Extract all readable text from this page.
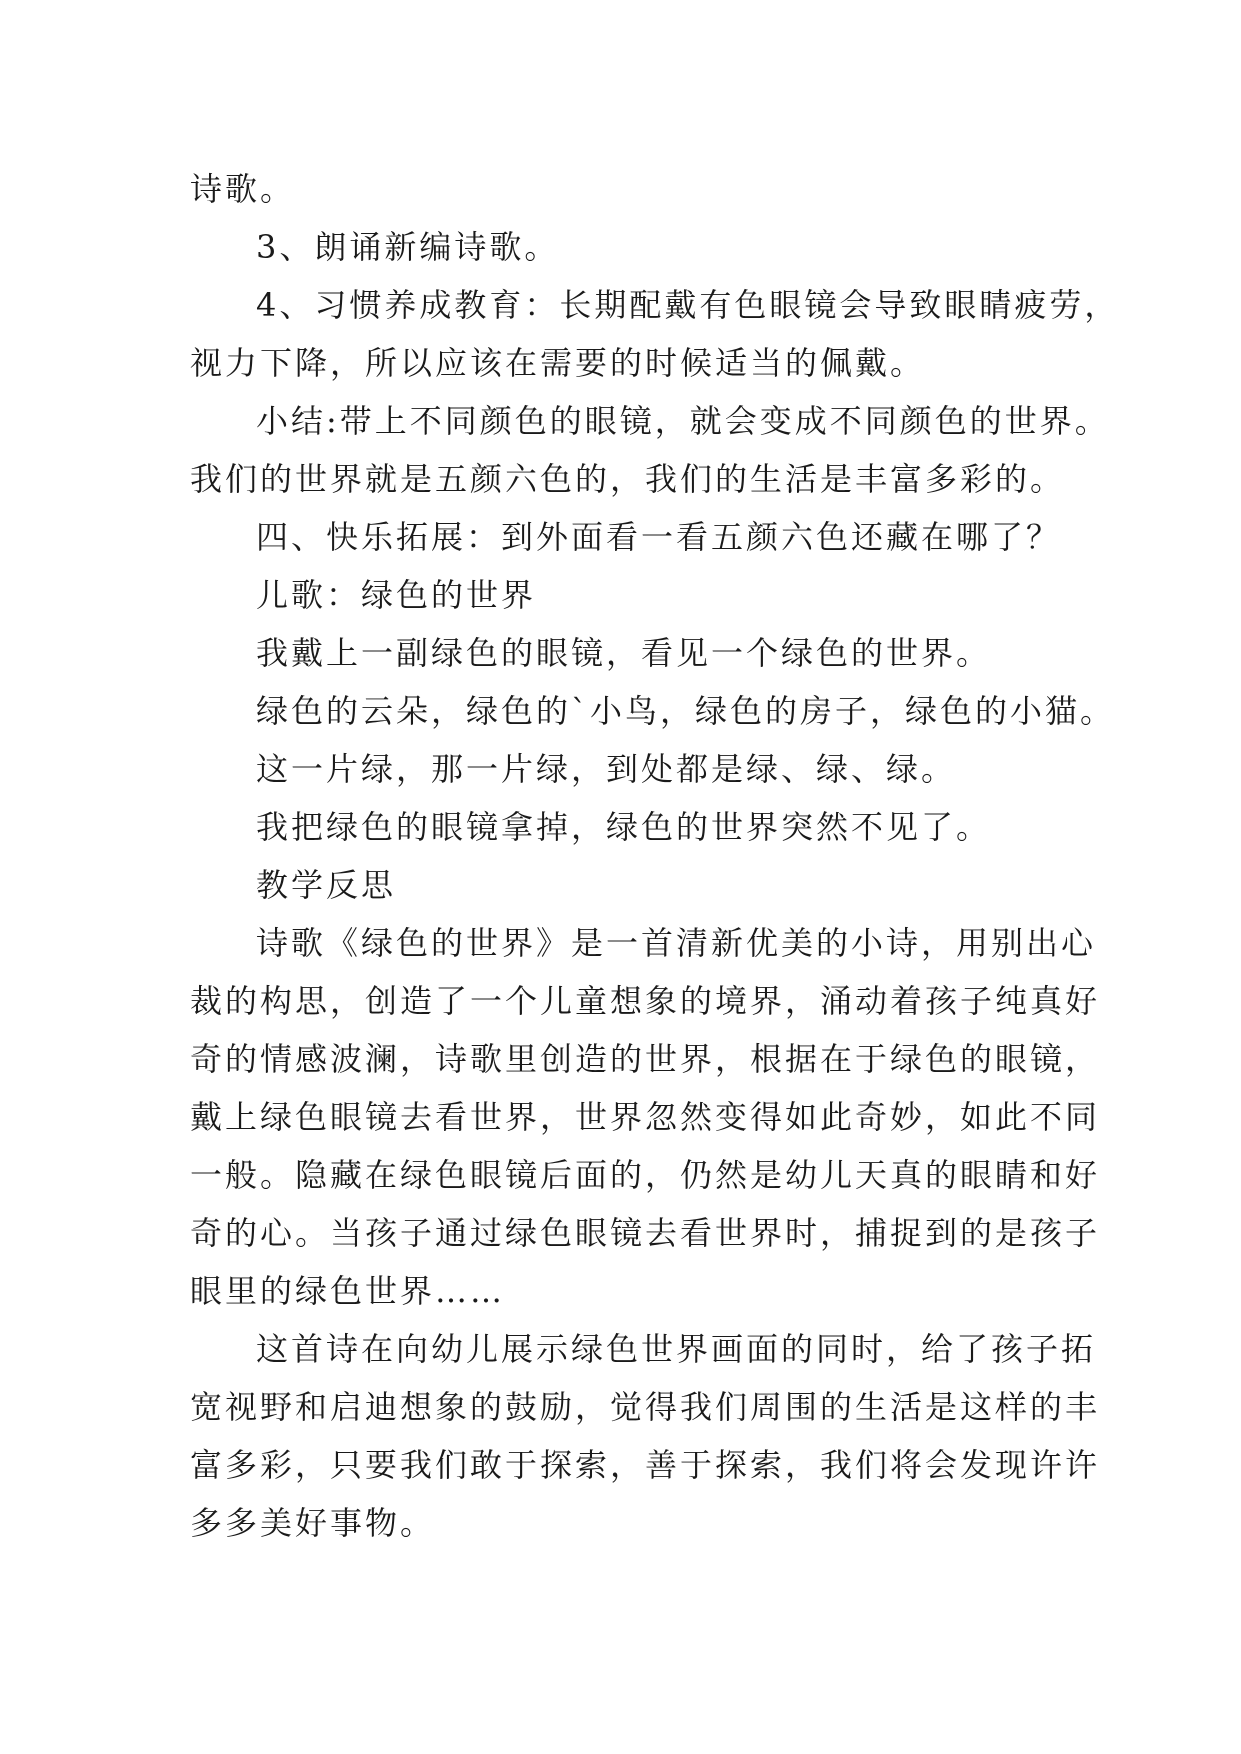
诗歌。
3、朗诵新编诗歌。
4、习惯养成教育：长期配戴有色眼镜会导致眼睛疲劳，
视力下降，所以应该在需要的时候适当的佩戴。
小结:带上不同颜色的眼镜，就会变成不同颜色的世界。
我们的世界就是五颜六色的，我们的生活是丰富多彩的。
四、快乐拓展：到外面看一看五颜六色还藏在哪了？
儿歌：绿色的世界
我戴上一副绿色的眼镜，看见一个绿色的世界。
绿色的云朵，绿色的`小鸟，绿色的房子，绿色的小猫。
这一片绿，那一片绿，到处都是绿、绿、绿。
我把绿色的眼镜拿掉，绿色的世界突然不见了。
教学反思
诗歌《绿色的世界》是一首清新优美的小诗，用别出心
裁的构思，创造了一个儿童想象的境界，涌动着孩子纯真好
奇的情感波澜，诗歌里创造的世界，根据在于绿色的眼镜，
戴上绿色眼镜去看世界，世界忽然变得如此奇妙，如此不同
一般。隐藏在绿色眼镜后面的，仍然是幼儿天真的眼睛和好
奇的心。当孩子通过绿色眼镜去看世界时，捕捉到的是孩子
眼里的绿色世界……
这首诗在向幼儿展示绿色世界画面的同时，给了孩子拓
宽视野和启迪想象的鼓励，觉得我们周围的生活是这样的丰
富多彩，只要我们敢于探索，善于探索，我们将会发现许许
多多美好事物。
